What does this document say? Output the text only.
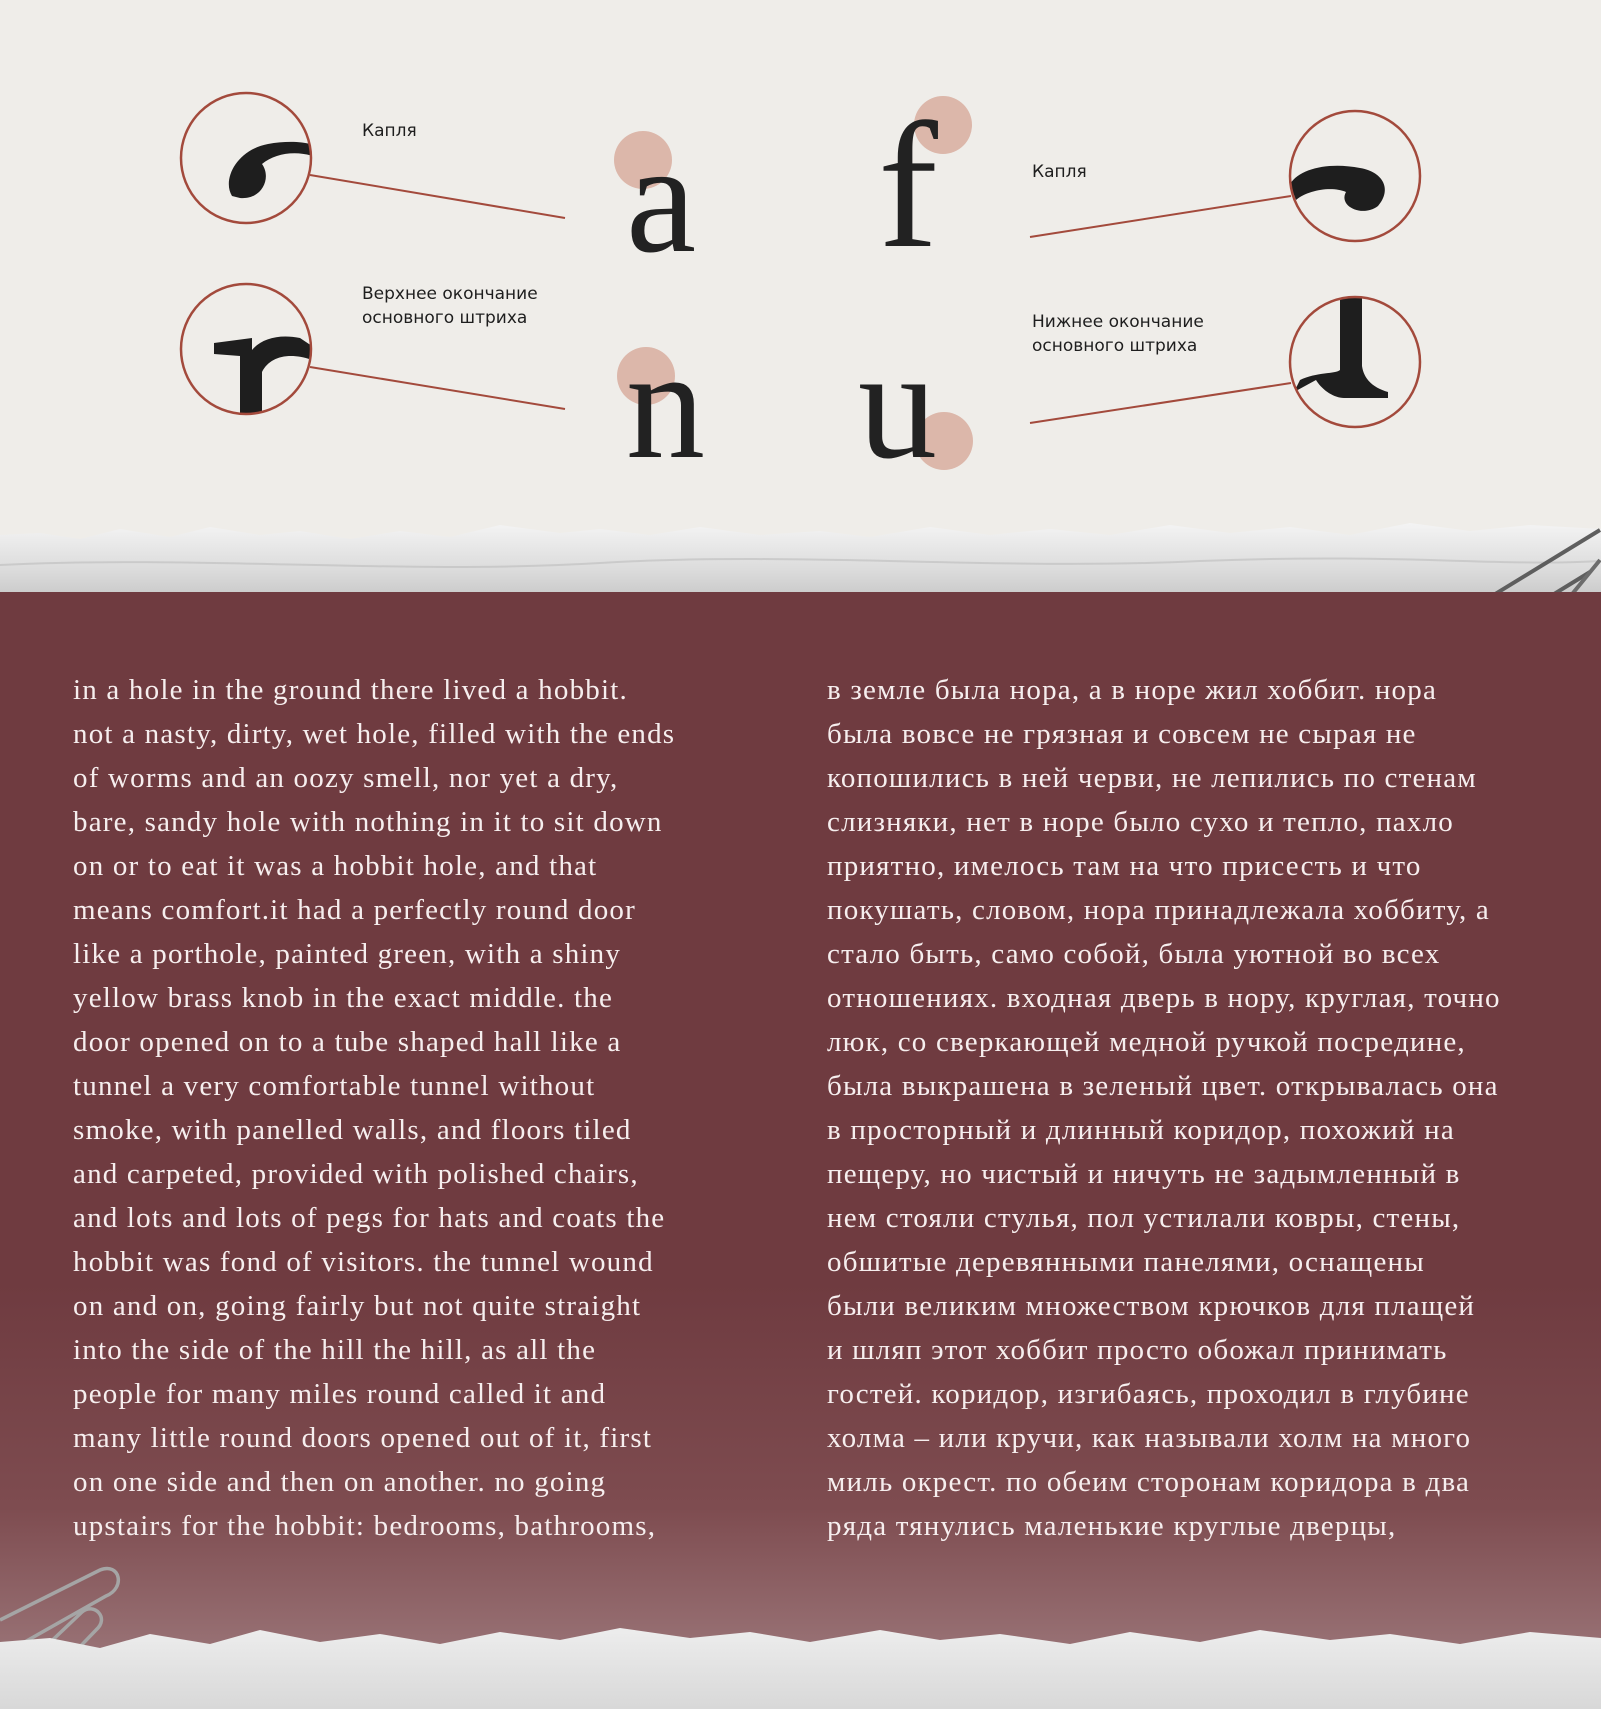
Капля
Верхнее окончание
основного штриха
Капля
Нижнее окончание
основного штриха
a f
n u
in a hole in the ground there lived a hobbit.
not a nasty, dirty, wet hole, filled with the ends
of worms and an oozy smell, nor yet a dry,
bare, sandy hole with nothing in it to sit down
on or to eat it was a hobbit hole, and that
means comfort.it had a perfectly round door
like a porthole, painted green, with a shiny
yellow brass knob in the exact middle. the
door opened on to a tube shaped hall like a
tunnel a very comfortable tunnel without
smoke, with panelled walls, and floors tiled
and carpeted, provided with polished chairs,
and lots and lots of pegs for hats and coats the
hobbit was fond of visitors. the tunnel wound
on and on, going fairly but not quite straight
into the side of the hill the hill, as all the
people for many miles round called it and
many little round doors opened out of it, first
on one side and then on another. no going
upstairs for the hobbit: bedrooms, bathrooms,
в земле была нора, а в норе жил хоббит. нора
была вовсе не грязная и совсем не сырая не
копошились в ней черви, не лепились по стенам
слизняки, нет в норе было сухо и тепло, пахло
приятно, имелось там на что присесть и что
покушать, словом, нора принадлежала хоббиту, а
стало быть, само собой, была уютной во всех
отношениях. входная дверь в нору, круглая, точно
люк, со сверкающей медной ручкой посредине,
была выкрашена в зеленый цвет. открывалась она
в просторный и длинный коридор, похожий на
пещеру, но чистый и ничуть не задымленный в
нем стояли стулья, пол устилали ковры, стены,
обшитые деревянными панелями, оснащены
были великим множеством крючков для плащей
и шляп этот хоббит просто обожал принимать
гостей. коридор, изгибаясь, проходил в глубине
холма – или кручи, как называли холм на много
миль окрест. по обеим сторонам коридора в два
ряда тянулись маленькие круглые дверцы,
